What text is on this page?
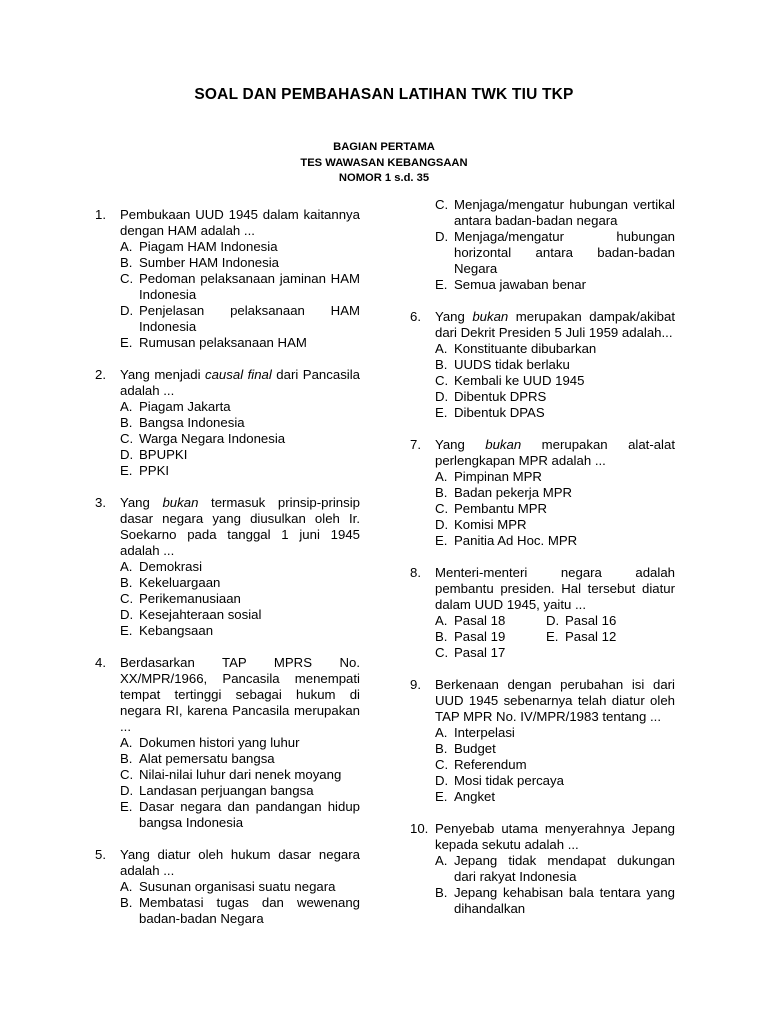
SOAL DAN PEMBAHASAN LATIHAN TWK TIU TKP
BAGIAN PERTAMA
TES WAWASAN KEBANGSAAN
NOMOR 1 s.d. 35
1.	Pembukaan UUD 1945 dalam kaitannya dengan HAM adalah ...
A. Piagam HAM Indonesia
B. Sumber HAM Indonesia
C. Pedoman pelaksanaan jaminan HAM Indonesia
D. Penjelasan pelaksanaan HAM Indonesia
E. Rumusan pelaksanaan HAM
2.	Yang menjadi causal final dari Pancasila adalah ...
A. Piagam Jakarta
B. Bangsa Indonesia
C. Warga Negara Indonesia
D. BPUPKI
E. PPKI
3.	Yang bukan termasuk prinsip-prinsip dasar negara yang diusulkan oleh Ir. Soekarno pada tanggal 1 juni 1945 adalah ...
A. Demokrasi
B. Kekeluargaan
C. Perikemanusiaan
D. Kesejahteraan sosial
E. Kebangsaan
4.	Berdasarkan TAP MPRS No. XX/MPR/1966, Pancasila menempati tempat tertinggi sebagai hukum di negara RI, karena Pancasila merupakan ...
A. Dokumen histori yang luhur
B. Alat pemersatu bangsa
C. Nilai-nilai luhur dari nenek moyang
D. Landasan perjuangan bangsa
E. Dasar negara dan pandangan hidup bangsa Indonesia
5.	Yang diatur oleh hukum dasar negara adalah ...
A. Susunan organisasi suatu negara
B. Membatasi tugas dan wewenang badan-badan Negara
C. Menjaga/mengatur hubungan vertikal antara badan-badan negara
D. Menjaga/mengatur hubungan horizontal antara badan-badan Negara
E. Semua jawaban benar
6.	Yang bukan merupakan dampak/akibat dari Dekrit Presiden 5 Juli 1959 adalah...
A. Konstituante dibubarkan
B. UUDS tidak berlaku
C. Kembali ke UUD 1945
D. Dibentuk DPRS
E. Dibentuk DPAS
7.	Yang bukan merupakan alat-alat perlengkapan MPR adalah ...
A. Pimpinan MPR
B. Badan pekerja MPR
C. Pembantu MPR
D. Komisi MPR
E. Panitia Ad Hoc. MPR
8.	Menteri-menteri negara adalah pembantu presiden. Hal tersebut diatur dalam UUD 1945, yaitu ...
A. Pasal 18	D. Pasal 16
B. Pasal 19	E. Pasal 12
C. Pasal 17
9.	Berkenaan dengan perubahan isi dari UUD 1945 sebenarnya telah diatur oleh TAP MPR No. IV/MPR/1983 tentang ...
A. Interpelasi
B. Budget
C. Referendum
D. Mosi tidak percaya
E. Angket
10. Penyebab utama menyerahnya Jepang kepada sekutu adalah ...
A. Jepang tidak mendapat dukungan dari rakyat Indonesia
B. Jepang kehabisan bala tentara yang dihandalkan
